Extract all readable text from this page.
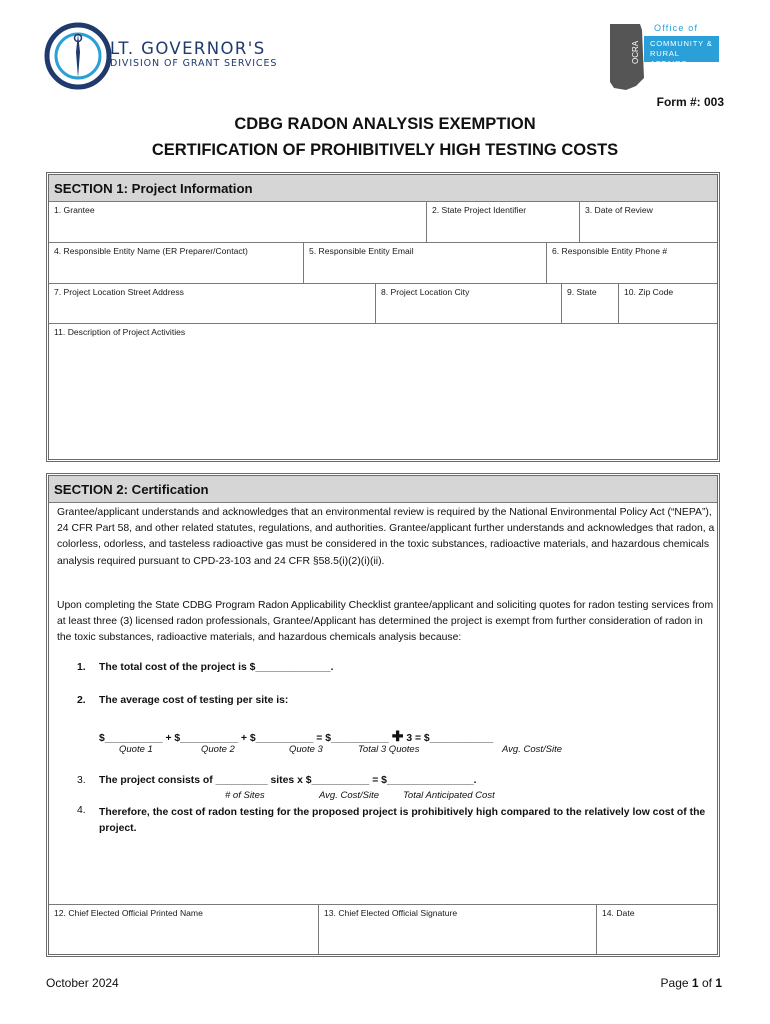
LT. GOVERNOR'S
DIVISION OF GRANT SERVICES	OCRA
Office of
COMMUNITY &
RURAL AFFAIRS
Form #: 003
CDBG RADON ANALYSIS EXEMPTION
CERTIFICATION OF PROHIBITIVELY HIGH TESTING COSTS
SECTION 1: Project Information
1. Grantee	2. State Project Identifier	3. Date of Review
4. Responsible Entity Name (ER Preparer/Contact)	5. Responsible Entity Email	6. Responsible Entity Phone #
7. Project Location Street Address	8. Project Location City	9. State	10. Zip Code
11. Description of Project Activities
SECTION 2: Certification
Grantee/applicant understands and acknowledges that an environmental review is required by the National Environmental Policy Act (“NEPA”), 24 CFR Part 58, and other related statutes, regulations, and authorities. Grantee/applicant further understands and acknowledges that radon, a colorless, odorless, and tasteless radioactive gas must be considered in the toxic substances, radioactive materials, and hazardous chemicals analysis required pursuant to CPD-23-103 and 24 CFR §58.5(i)(2)(i)(ii).
Upon completing the State CDBG Program Radon Applicability Checklist grantee/applicant and soliciting quotes for radon testing services from at least three (3) licensed radon professionals, Grantee/Applicant has determined the project is exempt from further consideration of radon in the toxic substances, radioactive materials, and hazardous chemicals analysis because:
1. The total cost of the project is $_____________.
2. The average cost of testing per site is:
$__________ + $__________ + $__________ = $__________ ✚ 3 = $___________
Quote 1	Quote 2	Quote 3	Total 3 Quotes	Avg. Cost/Site
3. The project consists of _________ sites x $__________ = $_______________.
# of Sites	Avg. Cost/Site	Total Anticipated Cost
4. Therefore, the cost of radon testing for the proposed project is prohibitively high compared to the relatively low cost of the project.
12. Chief Elected Official Printed Name	13. Chief Elected Official Signature	14. Date
October 2024	Page 1 of 1
